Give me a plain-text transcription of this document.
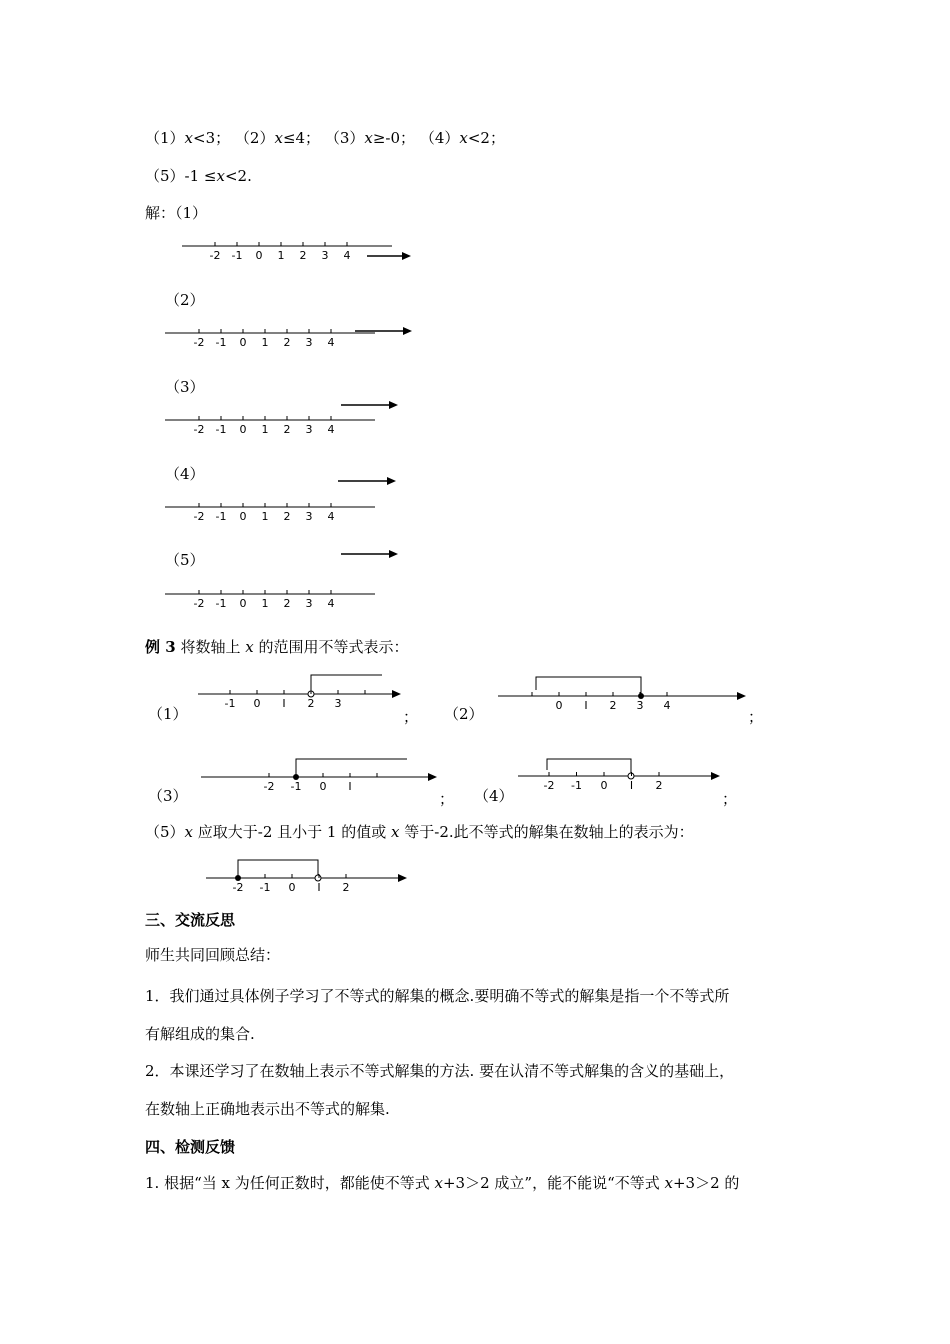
（1）x<3； （2）x≤4； （3）x≥-0； （4）x<2；
（5）-1 ≤x<2.
解：（1）
-2 -1 0 1 2 3 4
（2）
-2 -1 0 1 2 3 4
（3）
-2 -1 0 1 2 3 4
（4）
-2 -1 0 1 2 3 4
（5）
-2 -1 0 1 2 3 4
例 3 将数轴上 x 的范围用不等式表示：
（1）
-1 0 I 2 3
； （2）	0 I 2 3 4
；
（3）
-2 -1 0 I
； （4）
-2 -1 0 I 2
；
（5）x 应取大于-2 且小于 1 的值或 x 等于-2.此不等式的解集在数轴上的表示为：
-2 -1 0 I 2
三、交流反思
师生共同回顾总结：
1．我们通过具体例子学习了不等式的解集的概念.要明确不等式的解集是指一个不等式所
有解组成的集合.
2．本课还学习了在数轴上表示不等式解集的方法. 要在认清不等式解集的含义的基础上，
在数轴上正确地表示出不等式的解集.
四、检测反馈
1. 根据“当 x 为任何正数时，都能使不等式 x+3＞2 成立”，能不能说“不等式 x+3＞2 的
